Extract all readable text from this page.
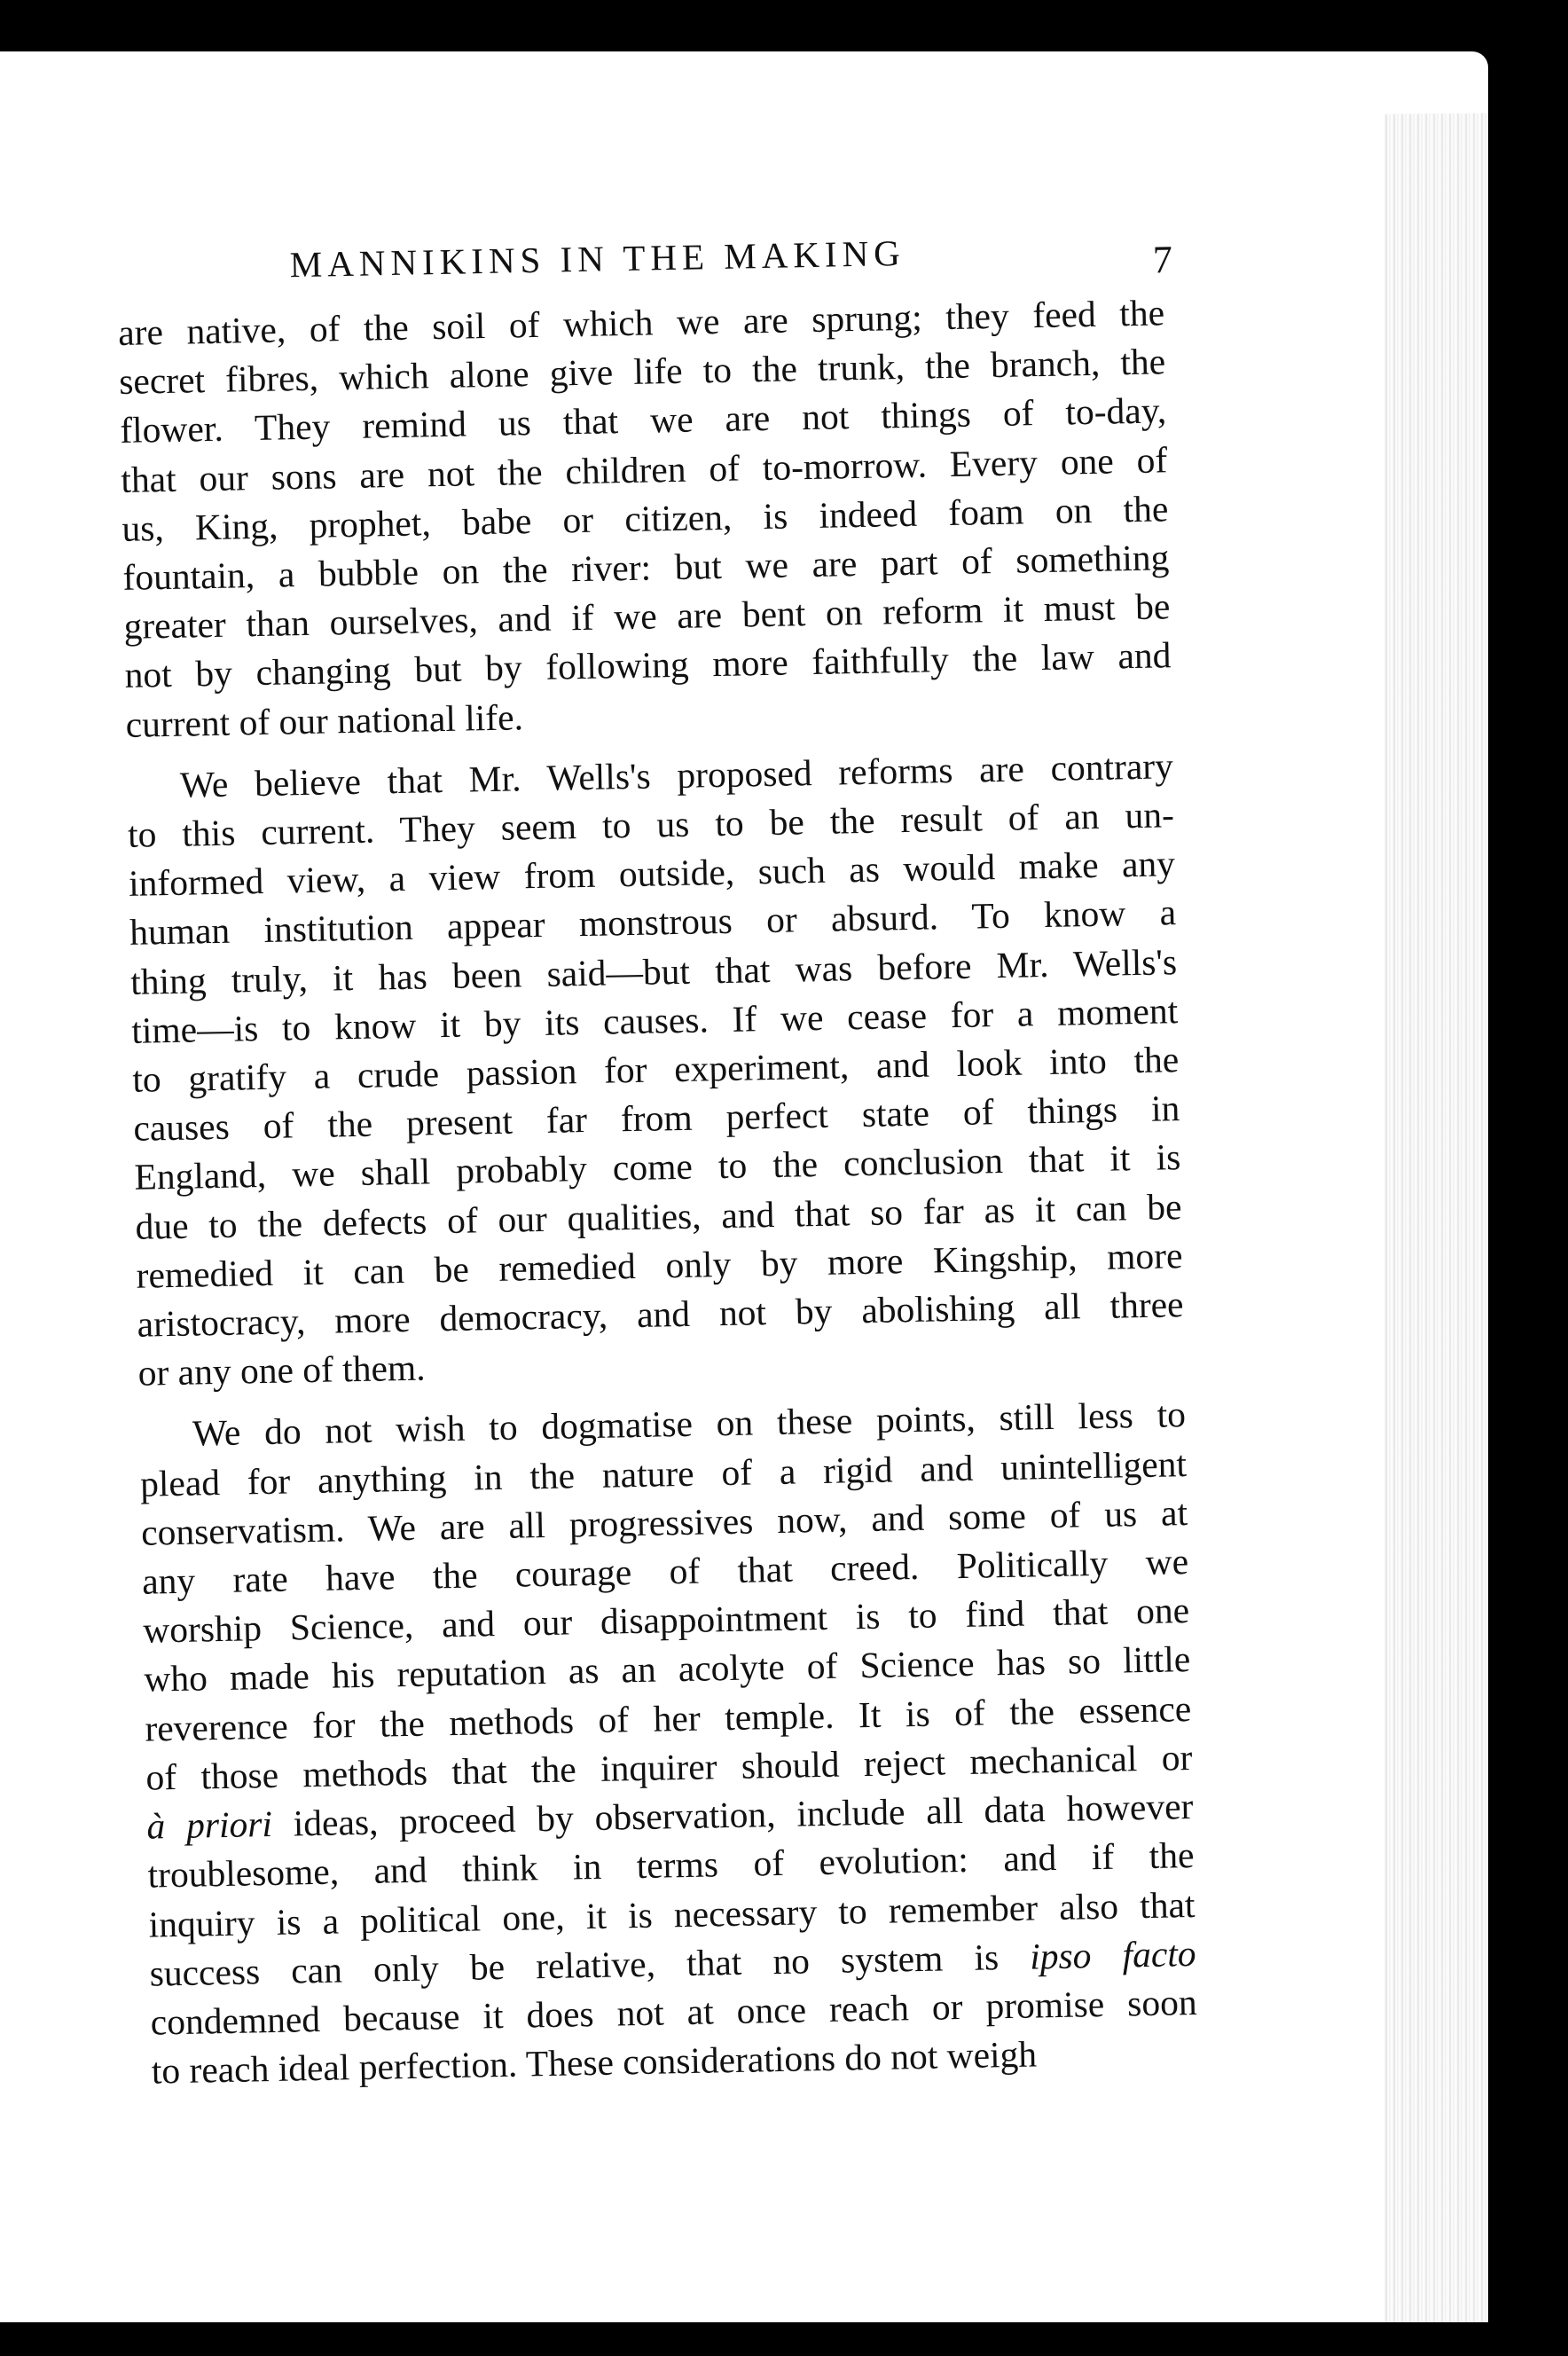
MANNIKINS IN THE MAKING	7
are native, of the soil of which we are sprung; they feed the
secret fibres, which alone give life to the trunk, the branch, the
flower. They remind us that we are not things of to-day,
that our sons are not the children of to-morrow. Every one of
us, King, prophet, babe or citizen, is indeed foam on the
fountain, a bubble on the river: but we are part of something
greater than ourselves, and if we are bent on reform it must be
not by changing but by following more faithfully the law and
current of our national life.
We believe that Mr. Wells's proposed reforms are contrary
to this current. They seem to us to be the result of an un-
informed view, a view from outside, such as would make any
human institution appear monstrous or absurd. To know a
thing truly, it has been said—but that was before Mr. Wells's
time—is to know it by its causes. If we cease for a moment
to gratify a crude passion for experiment, and look into the
causes of the present far from perfect state of things in
England, we shall probably come to the conclusion that it is
due to the defects of our qualities, and that so far as it can be
remedied it can be remedied only by more Kingship, more
aristocracy, more democracy, and not by abolishing all three
or any one of them.
We do not wish to dogmatise on these points, still less to
plead for anything in the nature of a rigid and unintelligent
conservatism. We are all progressives now, and some of us at
any rate have the courage of that creed. Politically we
worship Science, and our disappointment is to find that one
who made his reputation as an acolyte of Science has so little
reverence for the methods of her temple. It is of the essence
of those methods that the inquirer should reject mechanical or
à priori ideas, proceed by observation, include all data however
troublesome, and think in terms of evolution: and if the
inquiry is a political one, it is necessary to remember also that
success can only be relative, that no system is ipso facto
condemned because it does not at once reach or promise soon
to reach ideal perfection. These considerations do not weigh
